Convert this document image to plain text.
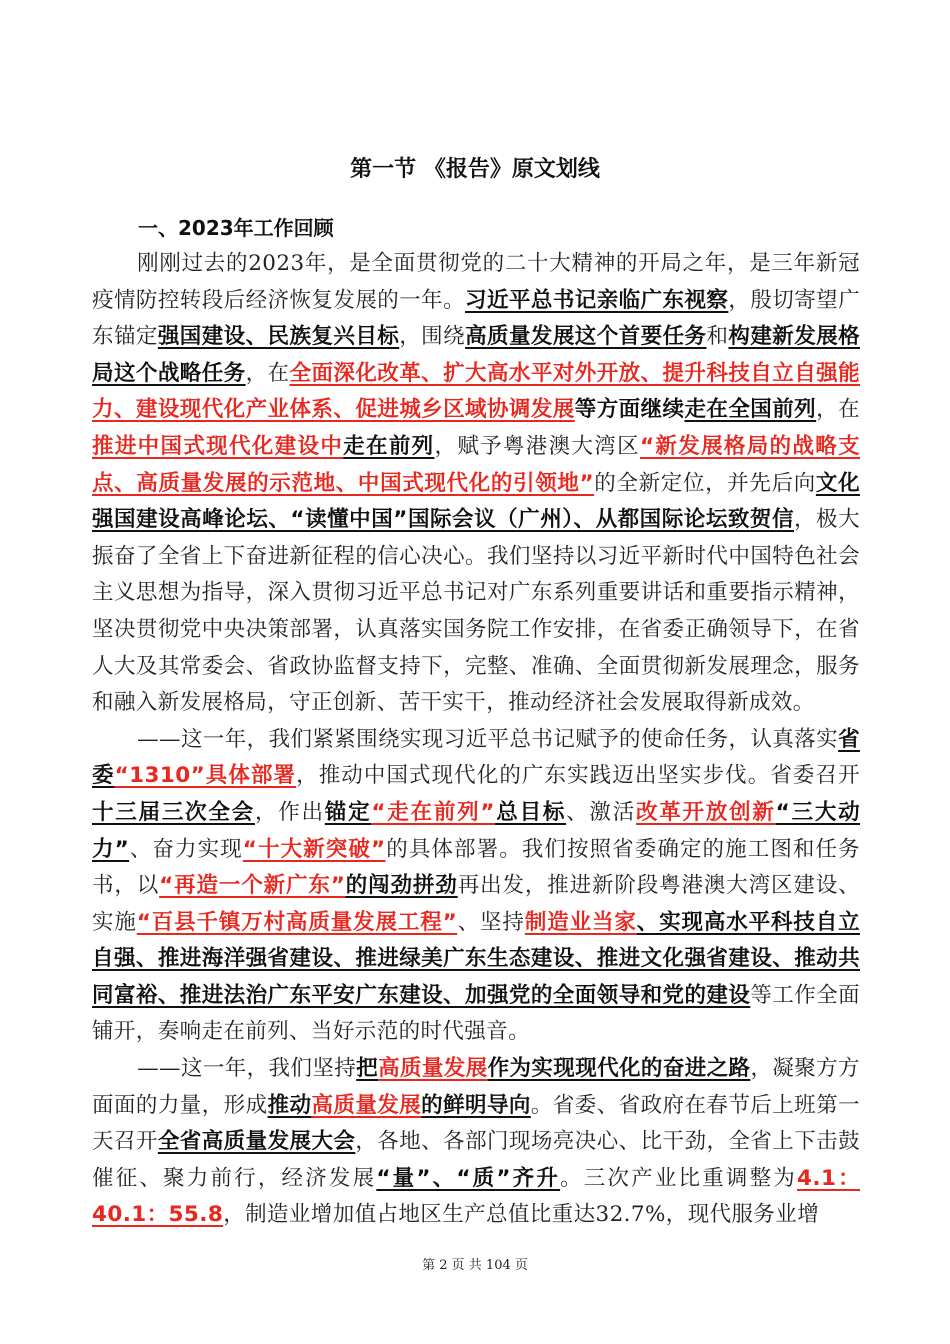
第一节 《报告》原文划线
一、2023年工作回顾

刚刚过去的2023年，是全面贯彻党的二十大精神的开局之年，是三年新冠疫情防控转段后经济恢复发展的一年。习近平总书记亲临广东视察，殷切寄望广东锚定强国建设、民族复兴目标，围绕高质量发展这个首要任务和构建新发展格局这个战略任务，在全面深化改革、扩大高水平对外开放、提升科技自立自强能力、建设现代化产业体系、促进城乡区域协调发展等方面继续走在全国前列，在推进中国式现代化建设中走在前列，赋予粤港澳大湾区“新发展格局的战略支点、高质量发展的示范地、中国式现代化的引领地”的全新定位，并先后向文化强国建设高峰论坛、“读懂中国”国际会议（广州）、从都国际论坛致贺信，极大振奋了全省上下奋进新征程的信心决心。我们坚持以习近平新时代中国特色社会主义思想为指导，深入贯彻习近平总书记对广东系列重要讲话和重要指示精神，坚决贯彻党中央决策部署，认真落实国务院工作安排，在省委正确领导下，在省人大及其常委会、省政协监督支持下，完整、准确、全面贯彻新发展理念，服务和融入新发展格局，守正创新、苦干实干，推动经济社会发展取得新成效。

——这一年，我们紧紧围绕实现习近平总书记赋予的使命任务，认真落实省委“1310”具体部署，推动中国式现代化的广东实践迈出坚实步伐。省委召开十三届三次全会，作出锚定“走在前列”总目标、激活改革开放创新“三大动力”、奋力实现“十大新突破”的具体部署。我们按照省委确定的施工图和任务书，以“再造一个新广东”的闯劲拼劲再出发，推进新阶段粤港澳大湾区建设、实施“百县千镇万村高质量发展工程”、坚持制造业当家、实现高水平科技自立自强、推进海洋强省建设、推进绿美广东生态建设、推进文化强省建设、推动共同富裕、推进法治广东平安广东建设、加强党的全面领导和党的建设等工作全面铺开，奏响走在前列、当好示范的时代强音。

——这一年，我们坚持把高质量发展作为实现现代化的奋进之路，凝聚方方面面的力量，形成推动高质量发展的鲜明导向。省委、省政府在春节后上班第一天召开全省高质量发展大会，各地、各部门现场亮决心、比干劲，全省上下击鼓催征、聚力前行，经济发展“量”、“质”齐升。三次产业比重调整为4.1：40.1：55.8，制造业增加值占地区生产总值比重达32.7%，现代服务业增

第 2 页 共 104 页
